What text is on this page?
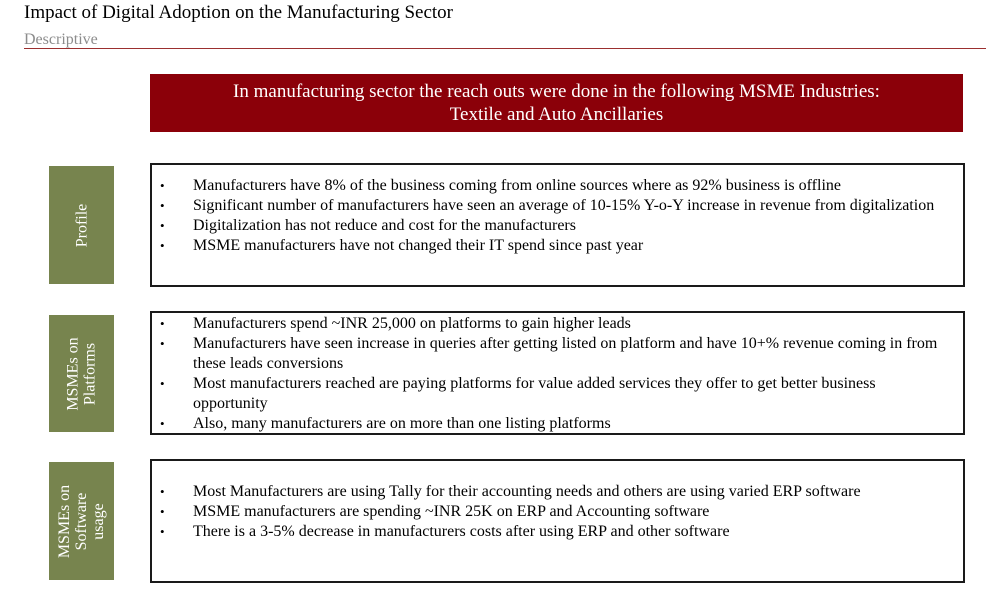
Impact of Digital Adoption on the Manufacturing Sector
Descriptive
In manufacturing sector the reach outs were done in the following MSME Industries:
Textile and Auto Ancillaries
Profile
• Manufacturers have 8% of the business coming from online sources where as 92% business is offline
• Significant number of manufacturers have seen an average of 10-15% Y-o-Y increase in revenue from digitalization
• Digitalization has not reduce and cost for the manufacturers
• MSME manufacturers have not changed their IT spend since past year
MSMEs on
Platforms
• Manufacturers spend ~INR 25,000 on platforms to gain higher leads
• Manufacturers have seen increase in queries after getting listed on platform and have 10+% revenue coming in from these leads conversions
• Most manufacturers reached are paying platforms for value added services they offer to get better business opportunity
• Also, many manufacturers are on more than one listing platforms
MSMEs on
Software
usage
• Most Manufacturers are using Tally for their accounting needs and others are using varied ERP software
• MSME manufacturers are spending ~INR 25K on ERP and Accounting software
• There is a 3-5% decrease in manufacturers costs after using ERP and other software
